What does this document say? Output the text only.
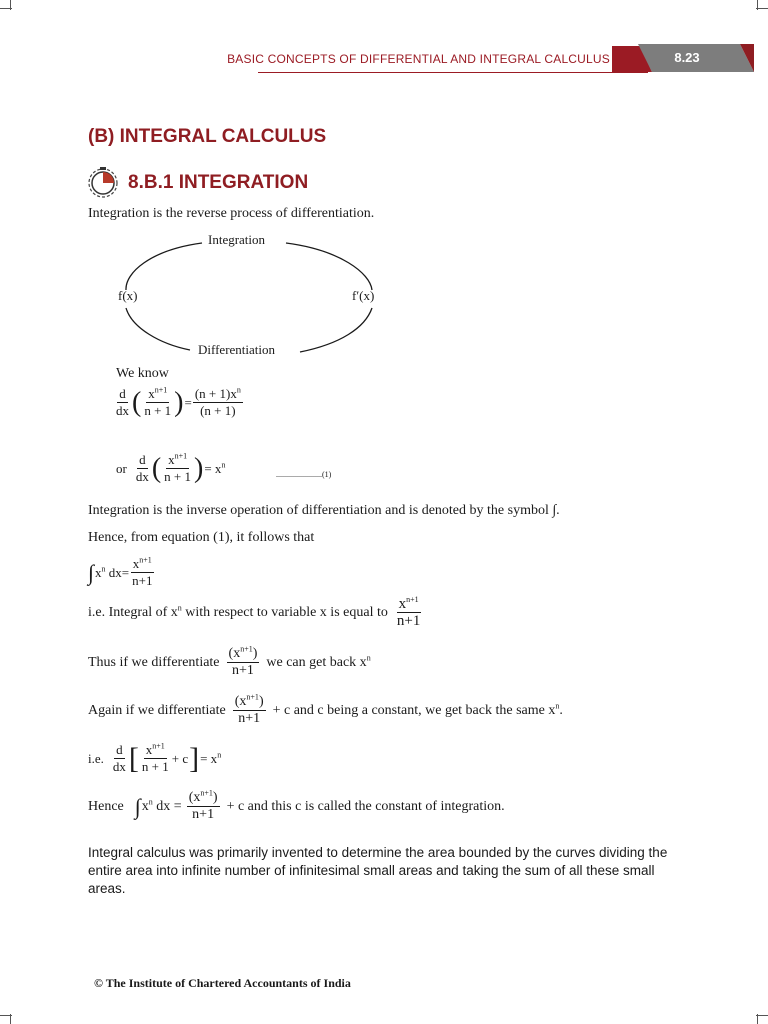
BASIC CONCEPTS OF DIFFERENTIAL AND INTEGRAL CALCULUS	8.23
(B) INTEGRAL CALCULUS
8.B.1 INTEGRATION
Integration is the reverse process of differentiation.
Integration
Differentiation
f(x)	f′(x)
We know
$\frac{d}{dx}$ ( $\frac{x^{n+1}}{n + 1}$ ) = $\frac{(n + 1)x^n}{(n + 1)}$
or $\frac{d}{dx}$ ( $\frac{x^{n+1}}{n + 1}$ ) = $x^n$
.......................(1)
Integration is the inverse operation of differentiation and is denoted by the symbol ∫.
Hence, from equation (1), it follows that
∫ $x^n$ $dx= \frac{x^{n+1}}{n+1}$
i.e. Integral of $x^n$ with respect to variable x is equal to $\frac{x^{n+1}}{n+1}$
Thus if we differentiate $\frac{(x^{n+1})}{n+1}$ we can get back $x^n$
Again if we differentiate $\frac{(x^{n+1})}{n+1} + c$ and c being a constant, we get back the same $x^n$.
i.e. $\frac{d}{dx}$ [ $\frac{x^{n+1}}{n + 1} + c$ ] = $x^n$
Hence ∫ $x^n$ dx = $\frac{(x^{n+1})}{n+1} + c$ and this c is called the constant of integration.
Integral calculus was primarily invented to determine the area bounded by the curves dividing the entire area into infinite number of infinitesimal small areas and taking the sum of all these small areas.
© The Institute of Chartered Accountants of India
